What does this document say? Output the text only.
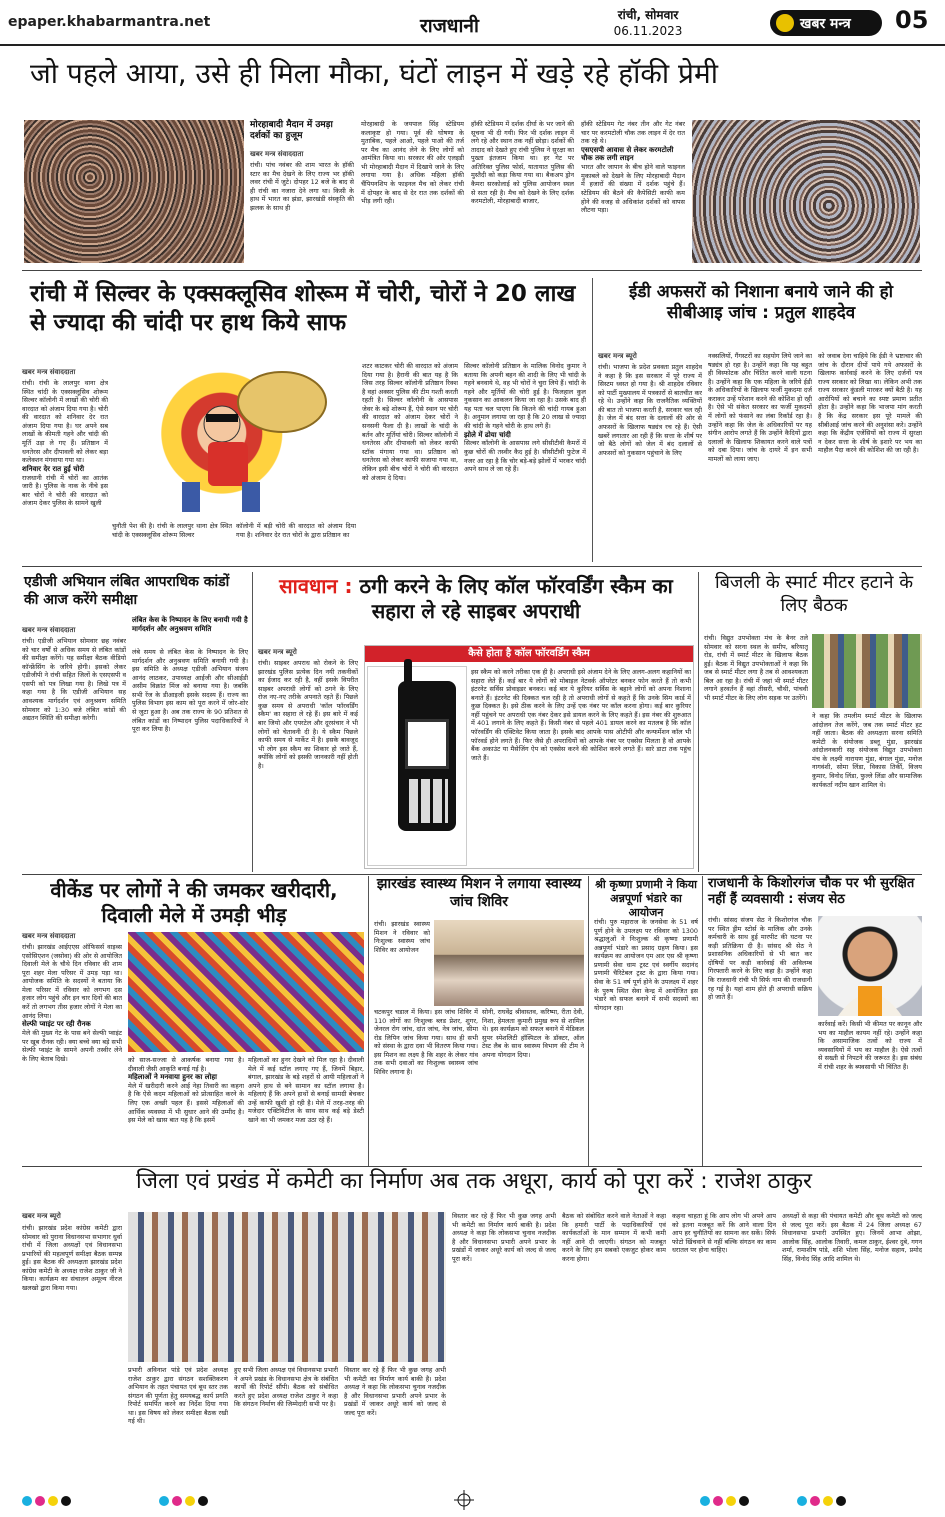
epaper.khabarmantra.net	राजधानी	रांची, सोमवार
06.11.2023	खबर मन्त्र	05
जो पहले आया, उसे ही मिला मौका, घंटों लाइन में खड़े रहे हॉकी प्रेमी
मोरहाबादी मैदान में उमड़ा दर्शकों का हुजूम
खबर मन्त्र संवाददाता
रांची। पांच नवंबर की शाम भारत के हॉकी स्टार का मैच देखने के लिए राज्य भर हॉकी लवर रांची में जुटे। दोपहर 12 बजे के बाद से ही रांची का नजारा देने लगा था। किसी के हाथ में भारत का झंडा, झारखंडी संस्कृति की झलक के साथ ही
मोरहाबादी के जयपाल सिंह स्टेडियम कलाकृष्ट हो गया। पूर्व की घोषणा के मुताबिक, पहले आओ, पहले पाओ की तर्ज पर मैच का आनंद लेने के लिए लोगों को आमंत्रित किया था। सरकार की ओर एलइडी भी मोरहाबादी मैदान में दिखाये जाने के लिए लगाया गया है। अधिक महिला हॉकी चैंपियनशिप के फाइनल मैच को लेकर रांची में दोपहर के बाद से देर रात तक दर्शकों की भीड़ लगी रही।
हॉकी स्टेडियम में दर्शक दीर्घा के भर जाने की सूचना भी दी गयी। फिर भी दर्शक लाइन में लगे रहे और स्थान तक नहीं छोड़ा। दर्शकों की तादाद को देखते हुए रांची पुलिस ने सुरक्षा का पुख्ता इंतजाम किया था। हर गेट पर अतिरिक्त पुलिस फोर्स, यातायात पुलिस की मुस्तैदी को कड़ा किया गया था। बैकअप ड्रोन कैमरा सरकोलाई को पुलिस आयोजन स्थल से सता रही है। मैच को देखने के लिए दर्शक करमटोली, मोरहाबादी बाजार,
हॉकी स्टेडियम गेट नंबर तीन और गेट नंबर चार पर करमटोली चौक तक लाइन में देर रात तक रहे थे।
एसएसपी आवास से लेकर करमटोली चौक तक लगी लाइन
भारत और जापान के बीच होने वाले फाइनल मुकाबले को देखने के लिए मोरहाबादी मैदान में हजारों की संख्या में दर्शक पहुंचे हैं। स्टेडियम की बैठने की कैपेसिटी काफी कम होने की वजह से अधिकांश दर्शकों को वापस लौटना पड़ा।
रांची में सिल्वर के एक्सक्लूसिव शोरूम में चोरी, चोरों ने 20 लाख से ज्यादा की चांदी पर हाथ किये साफ
खबर मन्त्र संवाददाता
रांची। रांची के लालपुर थाना क्षेत्र स्थित चांदी के एक्सक्लूसिव शोरूम सिल्वर कॉलोनी में लाखों की चोरी की वारदात को अंजाम दिया गया है। चोरी की वारदात को शनिवार देर रात अंजाम दिया गया है। घर अपने सब लाखों के कीमती गहने और चांदी की मूर्ति उड़ा ले गए हैं। प्रतिष्ठान में धनतेरस और दीपावली को लेकर बड़ा कलेक्शन मंगवाया गया था।
शनिवार देर रात हुई चोरी
राजधानी रांची में चोरों का आतंक जारी है। पुलिस के नाक के नीचे इस बार चोरों ने चोरी की वारदात को अंजाम देकर पुलिस के सामने खुली
चुनौती पेश की है। रांची के लालपुर थाना क्षेत्र स्थित चांदी के एक्सक्लूसिव शोरूम सिल्वर
कॉलोनी में बड़ी चोरी की वारदात को अंजाम दिया गया है। शनिवार देर रात चोरों के द्वारा प्रतिष्ठान का
शटर काटकर चोरी की वारदात को अंजाम दिया गया है। हैरानी की बात यह है कि जिस तरह सिल्वर कॉलोनी प्रतिष्ठान रिक्श है वहां अक्सर पुलिस की टीम गश्ती करती रहती है। सिल्वर कॉलोनी के आसपास जेवर के बड़े शोरूम हैं, ऐसे स्थान पर चोरी की वारदात को अंजाम देकर चोरों ने सनसनी फैला दी है। लाखों के चांदी के बर्तन और मूर्तियां चोरी। सिल्वर कॉलोनी में धनतेरस और दीपावली को लेकर काफी स्टॉक मंगाया गया था। प्रतिष्ठान को धनतेरस को लेकर काफी सजाया गया था, लेकिन इसी बीच चोरों ने चोरी की वारदात को अंजाम दे दिया।
सिल्वर कॉलोनी प्रतिष्ठान के मालिक विनोद कुमार ने बताया कि अपनी बहन की शादी के लिए भी चांदी के गहने बनवाये थे, वह भी चोरों ने चुरा लिये हैं। चांदी के गहने और मूर्तियों की चोरी हुई है। फिलहाल कुल नुकसान का आकलन किया जा रहा है। उसके बाद ही यह पता चल पाएगा कि कितने की चांदी गायब हुआ है। अनुमान लगाया जा रहा है कि 20 लाख से ज्यादा की चांदी के गहने चोरी के हाथ लगे हैं।
झोले में ढोया चांदी
सिल्वर कॉलोनी के आसपास लगे सीसीटीवी कैमरों में कुछ चोरों की तस्वीर कैद हुई है। सीसीटीवी फुटेज में नजर आ रहा है कि चोर बड़े-बड़े झोलों में भरकर चांदी अपने साथ ले जा रहे हैं।
ईडी अफसरों को निशाना बनाये जाने की हो सीबीआइ जांच : प्रतुल शाहदेव
खबर मन्त्र ब्यूरो
रांची। भाजपा के प्रदेश प्रवक्ता प्रतुल शाहदेव ने कहा है कि इस सरकार में पूरे राज्य में सिस्टम ध्वस्त हो गया है। श्री शाहदेव रविवार को पार्टी मुख्यालय में पत्रकारों से बातचीत कर रहे थे। उन्होंने कहा कि राजनैतिक व्यक्तियों की बात तो भाजपा करती है, सरकार चल रही है। जेल में बंद सत्ता के दलालों की ओर से अफसरों के खिलाफ षड्यंत्र रच रहे हैं। ऐसी खबरें लगातार आ रही हैं कि सत्ता के शीर्ष पर जो बैठे लोगों को जेल में बंद दलालों से अफसरों को नुकसान पहुंचाने के लिए
नक्सलियों, गैंगस्टरों का सहयोग लिये जाने का षड्यंत्र हो रहा है। उन्होंने कहा कि यह बहुत ही विस्फोटक और चिंतित करने वाली घटना है। उन्होंने कहा कि एक महिला के जरिये ईडी के अधिकारियों के खिलाफ फर्जी मुकदमा दर्ज कराकर उन्हें परेशान करने की कोशिश हो रही है। ऐसे भी संकेत सरकार का फर्जी मुकदमों में लोगों को फंसाने का लंबा रिकॉर्ड रहा है। उन्होंने कहा कि जेल के अधिकारियों पर यह संगीन आरोप लगते हैं कि उन्होंने कैदियों द्वारा दलालों के खिलाफ शिकायत करने वाले पत्रों को दबा दिया। जांच के दायरे में इन सभी मामलों को लाया जाए।
को जवाब देना चाहिये कि ईडी ने भ्रष्टाचार की जांच के दौरान दीपों पाये गये अफसरों के खिलाफ कार्रवाई करने के लिए दर्जनों पत्र राज्य सरकार को लिखा था। लेकिन अभी तक राज्य सरकार कुंडली मारकर क्यों बैठी है। यह आरोपियों को बचाने का स्पष्ट प्रमाण प्रतीत होता है। उन्होंने कहा कि भाजपा मांग करती है कि केंद्र सरकार इस पूरे मामले की सीबीआई जांच करने की अनुशंसा करे। उन्होंने कहा कि केंद्रीय एजेंसियों को राज्य में सुरक्षा न देकर सत्ता के शीर्ष के इशारे पर भय का माहौल पैदा करने की कोशिश की जा रही है।
एडीजी अभियान लंबित आपराधिक कांडों की आज करेंगे समीक्षा
खबर मन्त्र संवाददाता
रांची। एडीजी अभियान सोमवार छह नवंबर को चार वर्षों से अधिक समय से लंबित कांडों की समीक्षा करेंगे। यह समीक्षा बैठक वीडियो कॉन्फ्रेंसिंग के जरिये होगी। इसको लेकर एडीजीपी ने रांची सहित जिलों के एसएसपी व एसपी को पत्र लिखा गया है। लिखे पत्र में कहा गया है कि एडीजी अभियान सह आवश्यक मार्गदर्शन एवं अनुश्रवण समिति सोमवार को 1:30 बजे लंबित कांडों की अद्यतन स्थिति की समीक्षा करेगी।
लंबित केस के निष्पादन के लिए बनायी गयी है मार्गदर्शन और अनुश्रवण समिति
लंबे समय से लंबित केस के निष्पादन के लिए मार्गदर्शन और अनुश्रवण समिति बनायी गयी है। इस समिति के अध्यक्ष एडीजी अभियान संजय आनंद लाठकर, उपाध्यक्ष आईजी और सीआईडी असीम विक्रांत मिंज को बनाया गया है। जबकि सभी रेंज के डीआइजी इसके सदस्य हैं। राज्य का पुलिस विभाग इस काम को पूरा करने में जोर-शोर से जुटा हुआ है। अब तक राज्य के 90 प्रतिशत से लंबित कांडों का निष्पादन पुलिस पदाधिकारियों ने पूरा कर लिया है।
सावधान : ठगी करने के लिए कॉल फॉरवर्डिंग स्कैम का सहारा ले रहे साइबर अपराधी
खबर मन्त्र ब्यूरो
रांची। साइबर अपराध को रोकने के लिए झारखंड पुलिस प्रत्येक दिन नयी तकनीकों का ईजाद कर रही है, वहीं इसके विपरीत साइबर अपराधी लोगों को ठगने के लिए रोज नए-नए तरीके अपनाते रहते हैं। पिछले कुछ समय से अपराधी 'कॉल फॉरवर्डिंग स्कैम' का सहारा ले रहे हैं। इस बारे में कई बार जियो और एयरटेल और दूरसंचार ने भी लोगों को चेतावनी दी है। ये स्कैम पिछले काफी समय से मार्केट में है। इसके बावजूद भी लोग इस स्कैम का शिकार हो जाते हैं, क्योंकि लोगों को इसकी जानकारी नहीं होती है।
कैसे होता है कॉल फॉरवर्डिंग स्कैम
इस स्कैम को करने तरीका एक ही है। अपराधी इसे अंजाम देने के लिए अलग-अलग कहानियों का सहारा लेते हैं। कई बार ये लोगों को मोबाइल नेटवर्क ऑपरेटर बनकर फोन करते हैं तो कभी इंटरनेट सर्विस प्रोवाइडर बनकर। कई बार ये कुरियर सर्विस के बहाने लोगों को अपना निशाना बनाते हैं। इंटरनेट की दिक्कत चल रही है तो अपराधी लोगों से कहते हैं कि उनके सिम कार्ड में कुछ दिक्कत है। इसे ठीक करने के लिए उन्हें एक नंबर पर कॉल करना होगा। कई बार कुरियर नहीं पहुंचने पर अपराधी एक नंबर देकर इसे डायल करने के लिए कहते हैं। इस नंबर की शुरुआत में 401 लगाने के लिए कहते हैं। किसी नंबर से पहले 401 डायल करने का मतलब है कि कॉल फॉरवर्डिंग की एक्टिवेट किया जाता है। इसके बाद आपके पास ओटीपी और कन्फर्मेशन कॉल भी फॉरवर्ड होने लगते हैं। फिर जैसे ही अपराधियों को आपके नंबर पर एक्सेस मिलता है वो आपके बैंक अकाउंट या मैसेजिंग ऐप को एक्सेस करने की कोशिश करने लगते हैं। सारे डाटा तक पहुंच जाते हैं।
बिजली के स्मार्ट मीटर हटाने के लिए बैठक
रांची। विद्युत उपभोक्ता मंच के बैनर तले सोमवार को सरना स्थल के समीप, बरियातू रोड, रांची में स्मार्ट मीटर के खिलाफ बैठक हुई। बैठक में विद्युत उपभोक्ताओं ने कहा कि जब से स्मार्ट मीटर लगा है तब से आवश्यकता बिल आ रहा है। रांची में जहां भी स्मार्ट मीटर लगाने हरवर्तन हैं वहां तीसरी, चौथी, पांचवी भी स्मार्ट मीटर के लिए लोग सड़क पर उतरेंगे।
ने कहा कि तमलीम स्मार्ट मीटर के खिलाफ आंदोलन तेज करेंगे, जब तक स्मार्ट मीटर हट नहीं जाता। बैठक की अध्यक्षता सरना समिति कमेटी के संयोजक डब्लू मुंडा, झारखंड आंदोलनकारी सह संयोजक विद्युत उपभोक्ता मंच के लक्ष्मी नारायण मुंडा, बंगाल मुंडा, मनोज नागवंशी, सोमा लिंडा, विकास तिर्की, विजय कुमार, विनोद लिंडा, फुल्ले लिंडा और सामाजिक कार्यकर्ता नदीम खान शामिल थे।
वीकेंड पर लोगों ने की जमकर खरीदारी, दिवाली मेले में उमड़ी भीड़
खबर मन्त्र संवाददाता
रांची। झारखंड आईएएस ऑफिसर्स वाइव्स एसोसिएशन (जसोवा) की ओर से आयोजित दिवाली मेले के चौथे दिन रविवार की शाम पूरा शहर मेला परिसर में उमड़ पड़ा था। आयोजक समिति के सदस्यों ने बताया कि मेला परिसर में रविवार को लगभग दस हजार लोग पहुंचे और इन चार दिनों की बात करें तो लगभग तीस हजार लोगों ने मेला का आनंद लिया।
सेल्फी प्वाइंट पर रही रौनक
मेले की मुख्य गेट के पास बने सेल्फी प्वाइंट पर खूब रौनक रही। क्या बच्चे क्या बड़े सभी सेल्फी प्वाइंट के सामने अपनी तस्वीर लेने के लिए बेताब दिखे।	को साज-सज्जा से आकर्षक बनाया गया है। दीवाली जैसी आकृति बनाई गई है।
महिलाओं ने मनवाया हुनर का लोहा
मेले में खरीदारी करने आई नेहा तिवारी का कहना है कि ऐसे कदम महिलाओं को प्रोत्साहित करने के लिए एक अच्छी पहल हैं। इससे महिलाओं की आर्थिक व्यवस्था में भी सुधार आने की उम्मीद है। इस मेले को खास बात यह है कि इसमें
महिलाओं का हुनर देखने को मिल रहा है। दीवाली मेले में कई स्टॉल लगाए गए हैं, जिनमें बिहार, बंगाल, झारखंड के बड़े शहरों से आयी महिलाओं ने अपने हाथ से बने सामान का स्टॉल लगाया है। महिलाएं हैं कि अपने हाथों से बनाई सामग्री बेचकर उन्हें काफी खुशी हो रही है। मेले में तरह-तरह की मजेदार एक्टिविटीज के साथ साथ कई बड़े डेस्टी खाने का भी जमकर मजा उठा रहे हैं।
झारखंड स्वास्थ्य मिशन ने लगाया स्वास्थ्य जांच शिविर
रांची। झारखंड स्वास्थ्य मिशन ने रविवार को निःशुल्क स्वास्थ्य जांच शिविर का आयोजन
चटकपुर चडाल में किया। इस जांच शिविर में 110 लोगों का निःशुल्क ब्लड प्रेशर, शुगर, जेनरल रोग जांच, दांत जांच, नेत्र जांच, सीमा रोड लिपिन जांच किया गया। साथ ही सभी को संस्था के द्वारा दवा भी वितरण किया गया। इस मिशन का लक्ष्य है कि शहर के लेकर गांव तक सभी दवाओं का निःशुल्क स्वास्थ्य जांच शिविर लगाना है।
सोनी, राघवेंद्र श्रीवास्तव, करिष्मा, रीता देवी, निशा, हेमलता कुमारी प्रमुख रूप से शामिल थे। इस कार्यक्रम को सफल बनाने में मेडिकल सुपर स्पेशलिटी हॉस्पिटल के डॉक्टर, ऑल टेस्ट लैब के साथ स्वास्थ्य विभाग की टीम ने अपना योगदान दिया।
श्री कृष्णा प्रणामी ने किया अन्नपूर्णा भंडारे का आयोजन
रांची। पुरु महाराज के जनसेवा के 51 वर्ष पूर्ण होने के उपलक्ष्य पर रविवार को 1300 श्रद्धालुओं ने निःशुल्क श्री कृष्णा प्रणामी अन्नपूर्णा भंडारे का प्रसाद ग्रहण किया। इस कार्यक्रम का आयोजन एम आर एस श्री कृष्णा प्रणामी सेवा धाम ट्रस्ट एवं स्वर्गीय सदानंद प्रणामी चैरिटेबल ट्रस्ट के द्वारा किया गया। सेवा के 51 वर्ष पूर्ण होने के उपलक्ष्य में शहर के पुरुष स्थित सेवा केन्द्र में आयोजित इस भंडारे को सफल बनाने में सभी सदस्यों का योगदान रहा।
राजधानी के किशोरगंज चौक पर भी सुरक्षित नहीं हैं व्यवसायी : संजय सेठ
रांची। सांसद संजय सेठ ने किशोरगंज चौक पर स्थित ड्रीम स्टोर्स के मालिक और उनके कर्मचारी के साथ हुई मारपीट की घटना पर कड़ी प्रतिक्रिया दी है। सांसद श्री सेठ ने प्रशासनिक अधिकारियों से भी बात कर दोषियों पर कड़ी कार्रवाई की अविलम्ब गिरफ्तारी करने के लिए कहा है। उन्होंने कहा कि राजधानी रांची भी सिर्फ नाम की राजधानी रह गई है। यहां शाम होते ही अपराधी सक्रिय हो जाते हैं।
कार्रवाई करें। किसी भी कीमत पर कानून और भय का माहौल कायम नहीं रहे। उन्होंने कहा कि असामाजिक तत्वों को राज्य में व्यवसायियों में भय का माहौल है। ऐसे तत्वों से सख्ती से निपटने की जरूरत है। इस संबंध में रांची शहर के ब्यवसायी भी चिंतित हैं।
जिला एवं प्रखंड में कमेटी का निर्माण अब तक अधूरा, कार्य को पूरा करें : राजेश ठाकुर
खबर मन्त्र ब्यूरो
रांची। झारखंड प्रदेश कांग्रेस कमेटी द्वारा सोमवार को पुराना विधानसभा सभागार धुर्वा रांची में जिला अध्यक्षों एवं विधानसभा प्रभारियों की महत्वपूर्ण समीक्षा बैठक सम्पन्न हुई। इस बैठक की अध्यक्षता झारखंड प्रदेश कांग्रेस कमेटी के अध्यक्ष राजेश ठाकुर जी ने किया। कार्यक्रम का संचालन अमूल्य नीरज खलखो द्वारा किया गया।
प्रभारी अविनाश पांडे एवं प्रदेश अध्यक्ष राजेश ठाकुर द्वारा संगठन सशक्तिकरण अभियान के तहत पंचायत एवं बूथ स्तर तक संगठन की पूर्णता हेतु समयबद्ध कार्य प्रगति रिपोर्ट समर्पित करने का निर्देश दिया गया था। इस विषय को लेकर समीक्षा बैठक रखी गई थी।
हुए सभी जिला अध्यक्ष एवं विधानसभा प्रभारी ने अपने प्रखंड के विधानसभा क्षेत्र के संबंधित कार्यों की रिपोर्ट सौंपी। बैठक को संबोधित करते हुए प्रदेश अध्यक्ष राजेश ठाकुर ने कहा कि संगठन निर्माण की जिम्मेदारी सभी पर है।
विस्तार कर रहे हैं फिर भी कुछ जगह अभी भी कमेटी का निर्माण कार्य बाकी है। प्रदेश अध्यक्ष ने कहा कि लोकसभा चुनाव नजदीक है और विधानसभा प्रभारी अपने प्रभार के प्रखंडों में जाकर अधूरे कार्य को जल्द से जल्द पूरा करें।
विस्तार कर रहे हैं फिर भी कुछ जगह अभी भी कमेटी का निर्माण कार्य बाकी है। प्रदेश अध्यक्ष ने कहा कि लोकसभा चुनाव नजदीक है और विधानसभा प्रभारी अपने प्रभार के प्रखंडों में जाकर अधूरे कार्य को जल्द से जल्द पूरा करें।
बैठक को संबोधित करने वाले नेताओं ने कहा कि हमारी पार्टी के पदाधिकारियों एवं कार्यकर्ताओं के मान सम्मान में कभी कमी नहीं आने दी जाएगी। संगठन को मजबूत करने के लिए हम सबको एकजुट होकर काम करना होगा।
कहना चाहता हूं कि आप लोग भी अपने आप को इतना मजबूत करें कि आने वाला दिन आप हर चुनौतियों का सामना कर सकें। सिर्फ फोटो खिंचवाने से नहीं बल्कि संगठन का काम धरातल पर होना चाहिए।
अध्यक्षों से कहा की पंचायत कमेटी और बूथ कमेटी को जल्द से जल्द पूरा करें। इस बैठक में 24 जिला अध्यक्ष 67 विधानसभा प्रभारी उपस्थित हुए। जिनमें आभा ओझा, आलोक सिंह, आलोक तिवारी, कमल ठाकुर, ईश्वर दुबे, गगन शर्मा, रामाशीष पांडे, शशि भोला सिंह, मनोज सहाय, प्रमोद सिंह, विनोद सिंह आदि शामिल थे।
